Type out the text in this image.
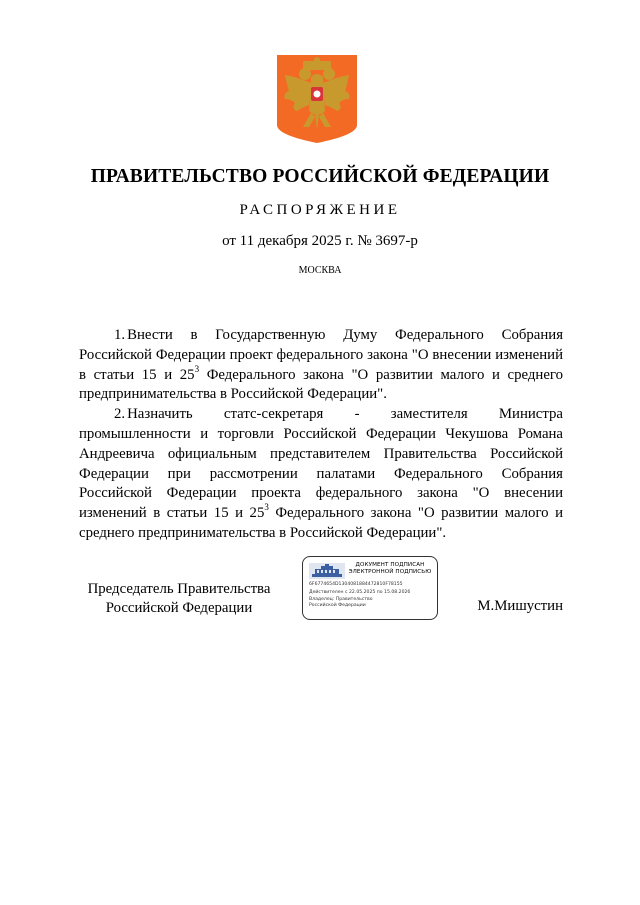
ПРАВИТЕЛЬСТВО РОССИЙСКОЙ ФЕДЕРАЦИИ
РАСПОРЯЖЕНИЕ
от 11 декабря 2025 г. № 3697-р
МОСКВА

1. Внести в Государственную Думу Федерального Собрания Российской Федерации проект федерального закона "О внесении изменений в статьи 15 и $25^3$ Федерального закона "О развитии малого и среднего предпринимательства в Российской Федерации".

2. Назначить статс-секретаря - заместителя Министра промышленности и торговли Российской Федерации Чекушова Романа Андреевича официальным представителем Правительства Российской Федерации при рассмотрении палатами Федерального Собрания Российской Федерации проекта федерального закона "О внесении изменений в статьи 15 и $25^3$ Федерального закона "О развитии малого и среднего предпринимательства в Российской Федерации".

Председатель Правительства
Российской Федерации
ДОКУМЕНТ ПОДПИСАН
ЭЛЕКТРОННОЙ ПОДПИСЬЮ
6F6774654D1304081884472810F78155
Действителен с 22.05.2025 по 15.08.2026
Владелец: Правительство Российской Федерации	М.Мишустин
